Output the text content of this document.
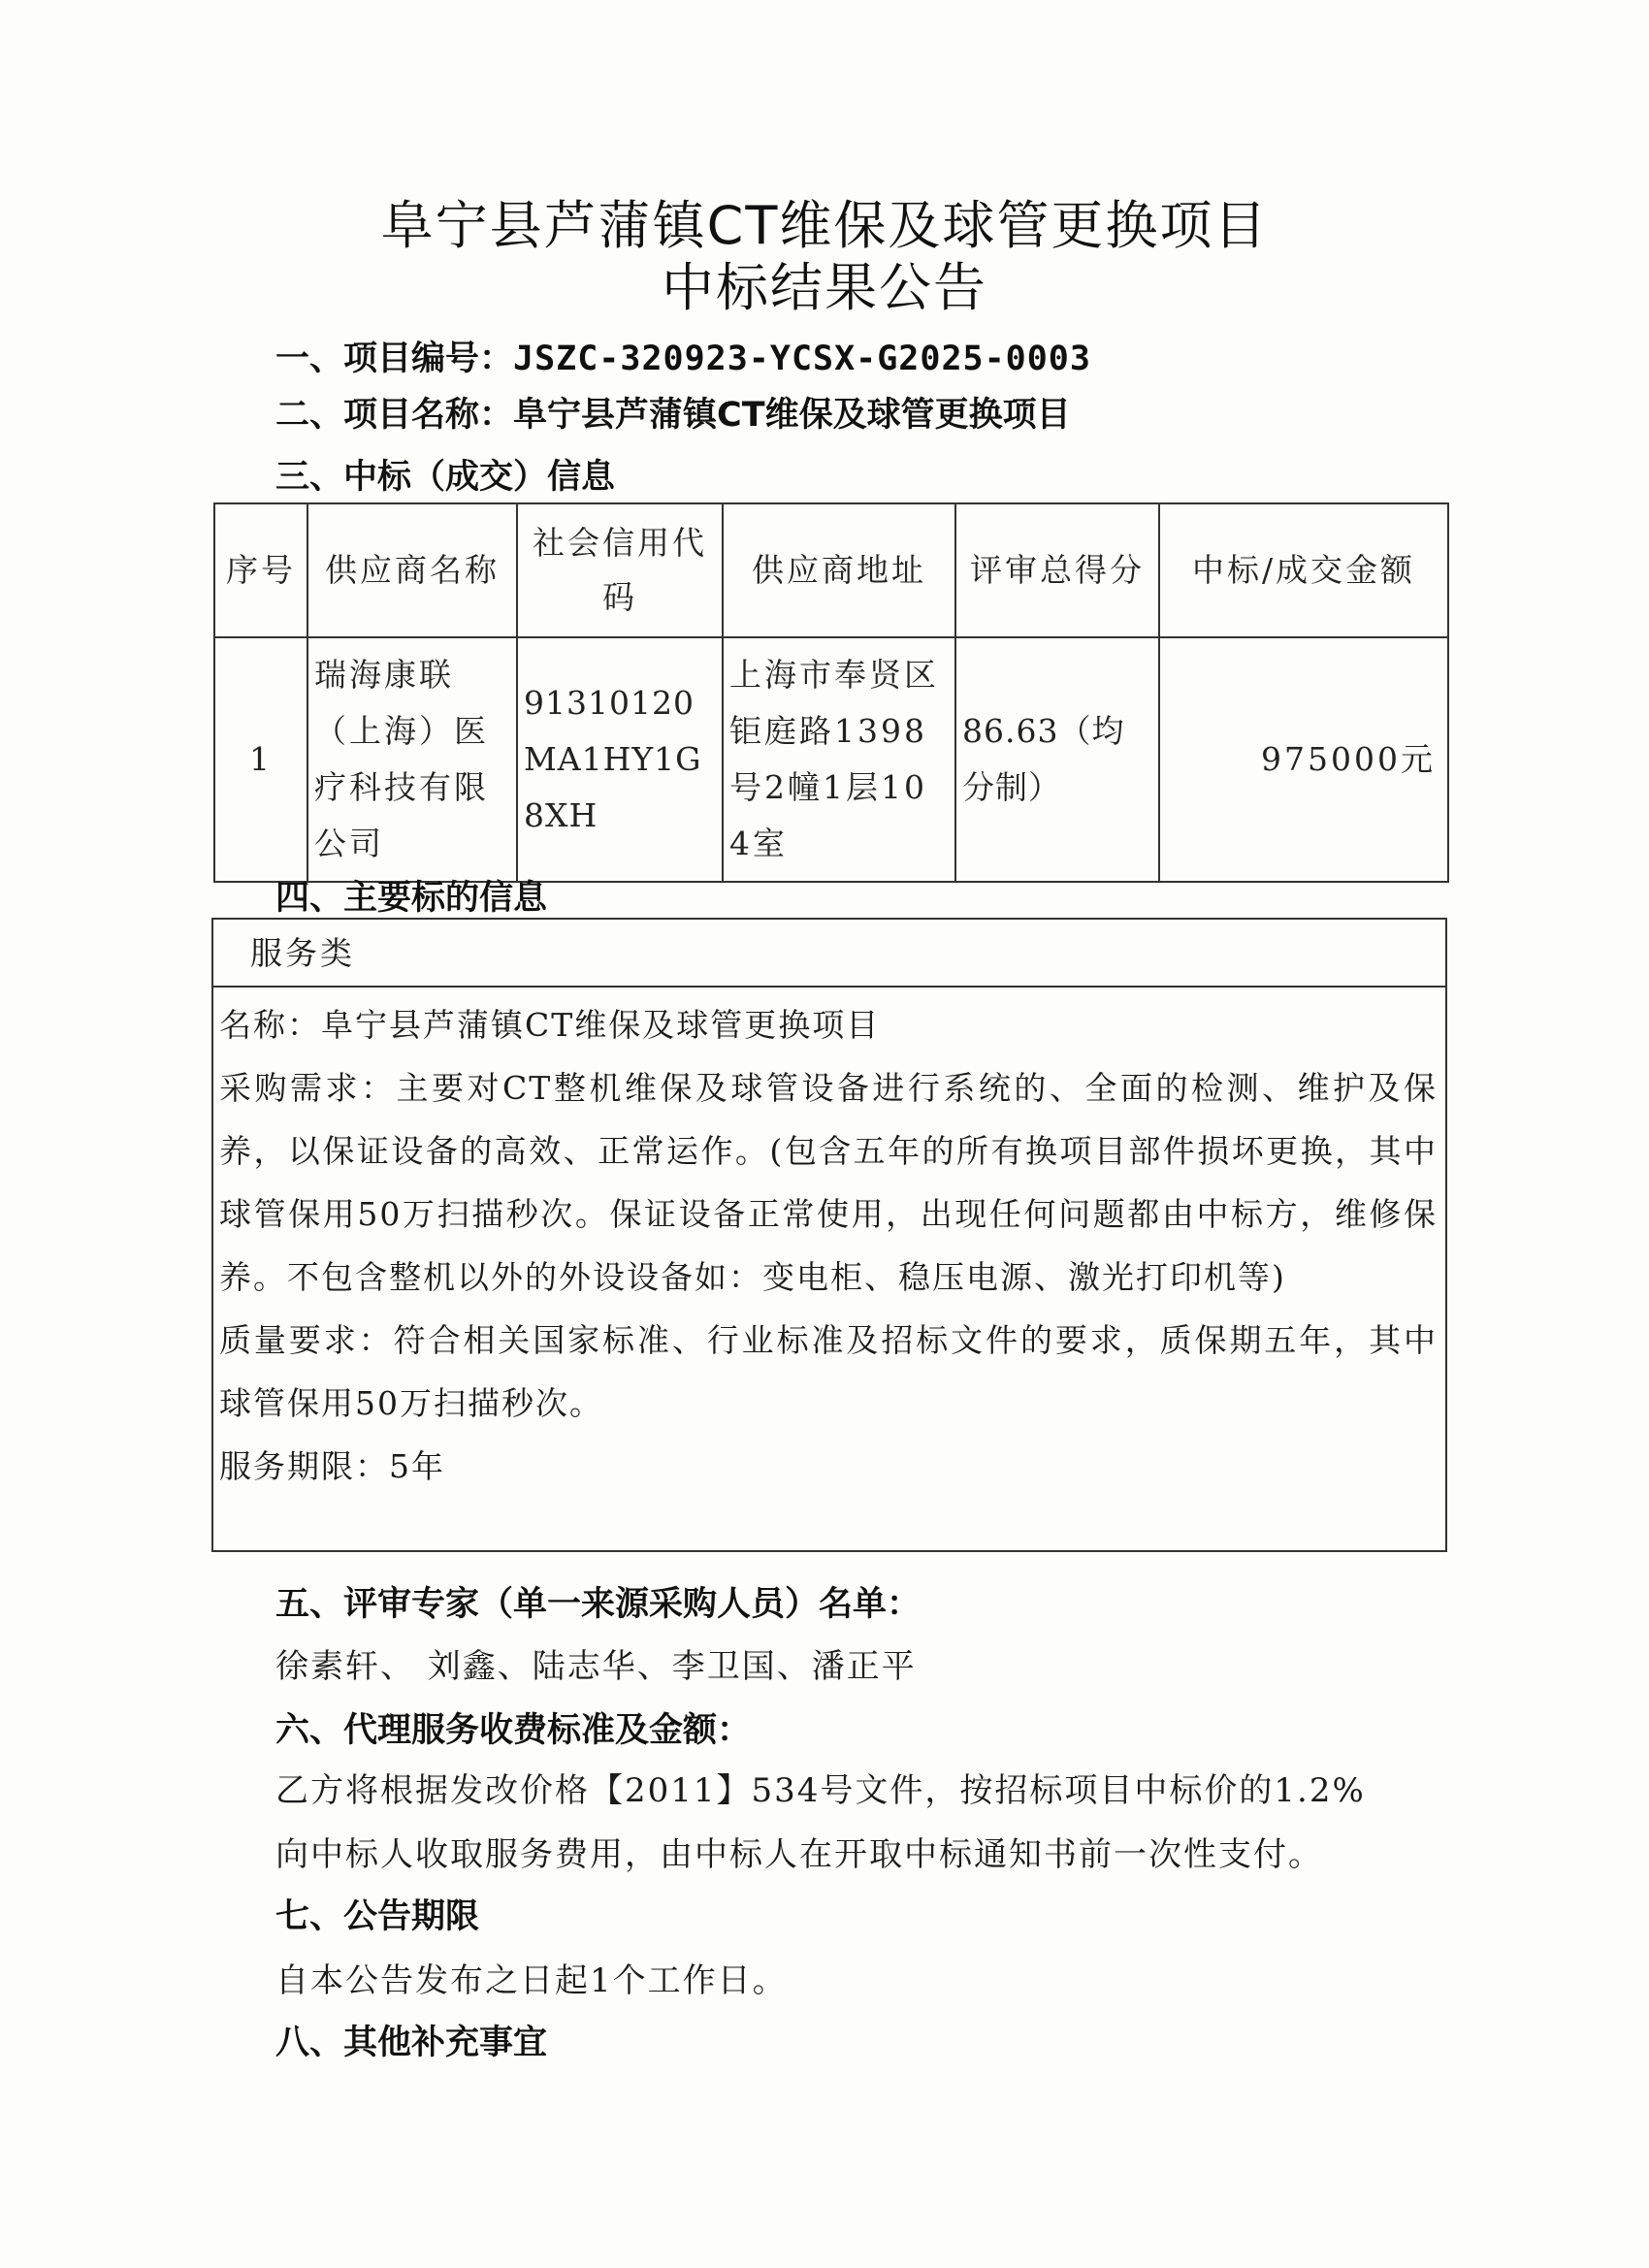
阜宁县芦蒲镇CT维保及球管更换项目
中标结果公告
一、项目编号：JSZC-320923-YCSX-G2025-0003
二、项目名称：阜宁县芦蒲镇CT维保及球管更换项目
三、中标（成交）信息
序号	供应商名称	社会信用代码	供应商地址	评审总得分	中标/成交金额
1	瑞海康联（上海）医疗科技有限公司	91310120MA1HY1G8XH	上海市奉贤区钜庭路1398号2幢1层104室	86.63（均分制）	975000元
四、主要标的信息
服务类

名称：阜宁县芦蒲镇CT维保及球管更换项目

采购需求：主要对CT整机维保及球管设备进行系统的、全面的检测、维护及保养，以保证设备的高效、正常运作。(包含五年的所有换项目部件损坏更换，其中球管保用50万扫描秒次。保证设备正常使用，出现任何问题都由中标方，维修保养。不包含整机以外的外设设备如：变电柜、稳压电源、激光打印机等)

质量要求：符合相关国家标准、行业标准及招标文件的要求，质保期五年，其中球管保用50万扫描秒次。

服务期限：5年

五、评审专家（单一来源采购人员）名单：
徐素轩、 刘鑫、陆志华、李卫国、潘正平
六、代理服务收费标准及金额：
乙方将根据发改价格【2011】534号文件，按招标项目中标价的1.2%
向中标人收取服务费用，由中标人在开取中标通知书前一次性支付。
七、公告期限
自本公告发布之日起1个工作日。
八、其他补充事宜
